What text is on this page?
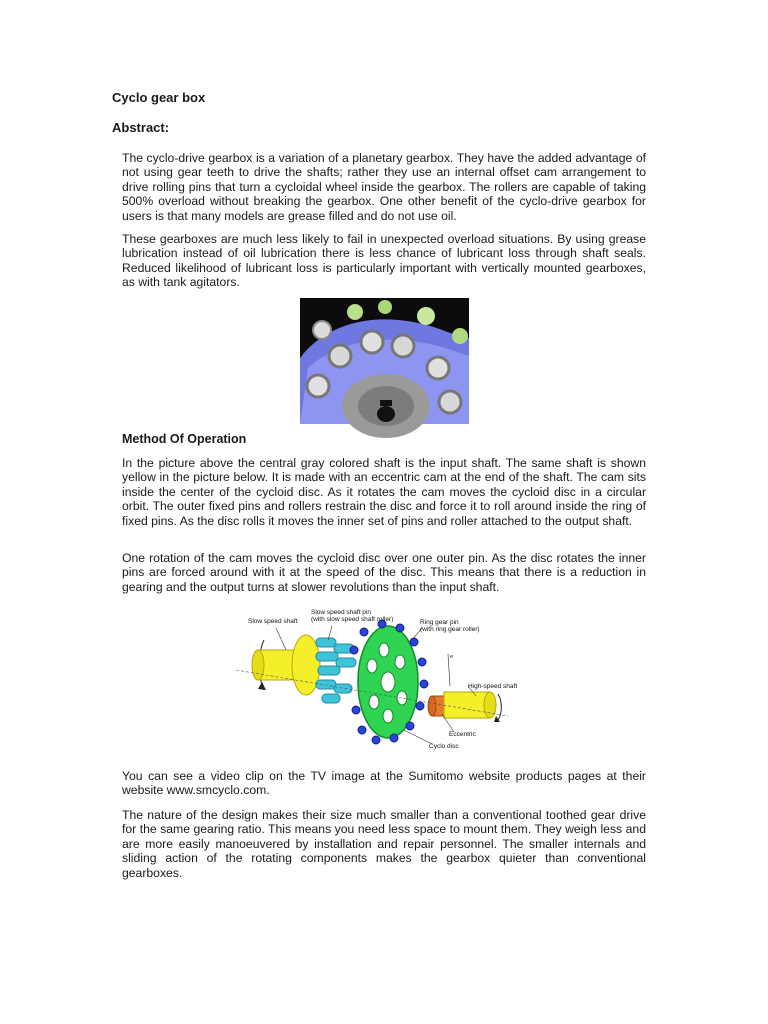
Cyclo gear box
Abstract:

The cyclo-drive gearbox is a variation of a planetary gearbox. They have the added advantage of not using gear teeth to drive the shafts; rather they use an internal offset cam arrangement to drive rolling pins that turn a cycloidal wheel inside the gearbox. The rollers are capable of taking 500% overload without breaking the gearbox. One other benefit of the cyclo-drive gearbox for users is that many models are grease filled and do not use oil.

These gearboxes are much less likely to fail in unexpected overload situations. By using grease lubrication instead of oil lubrication there is less chance of lubricant loss through shaft seals. Reduced likelihood of lubricant loss is particularly important with vertically mounted gearboxes, as with tank agitators.

Method Of Operation

In the picture above the central gray colored shaft is the input shaft. The same shaft is shown yellow in the picture below. It is made with an eccentric cam at the end of the shaft. The cam sits inside the center of the cycloid disc. As it rotates the cam moves the cycloid disc in a circular orbit. The outer fixed pins and rollers restrain the disc and force it to roll around inside the ring of fixed pins. As the disc rolls it moves the inner set of pins and roller attached to the output shaft.

One rotation of the cam moves the cycloid disc over one outer pin. As the disc rotates the inner pins are forced around with it at the speed of the disc. This means that there is a reduction in gearing and the output turns at slower revolutions than the input shaft.

Slow speed shaft
Slow speed shaft pin
(with slow speed shaft roller)	Ring gear pin
(with ring gear roller)
e
High-speed shaft
Eccentric
Cyclo disc

You can see a video clip on the TV image at the Sumitomo website products pages at their website www.smcyclo.com.

The nature of the design makes their size much smaller than a conventional toothed gear drive for the same gearing ratio. This means you need less space to mount them. They weigh less and are more easily manoeuvered by installation and repair personnel. The smaller internals and sliding action of the rotating components makes the gearbox quieter than conventional gearboxes.
